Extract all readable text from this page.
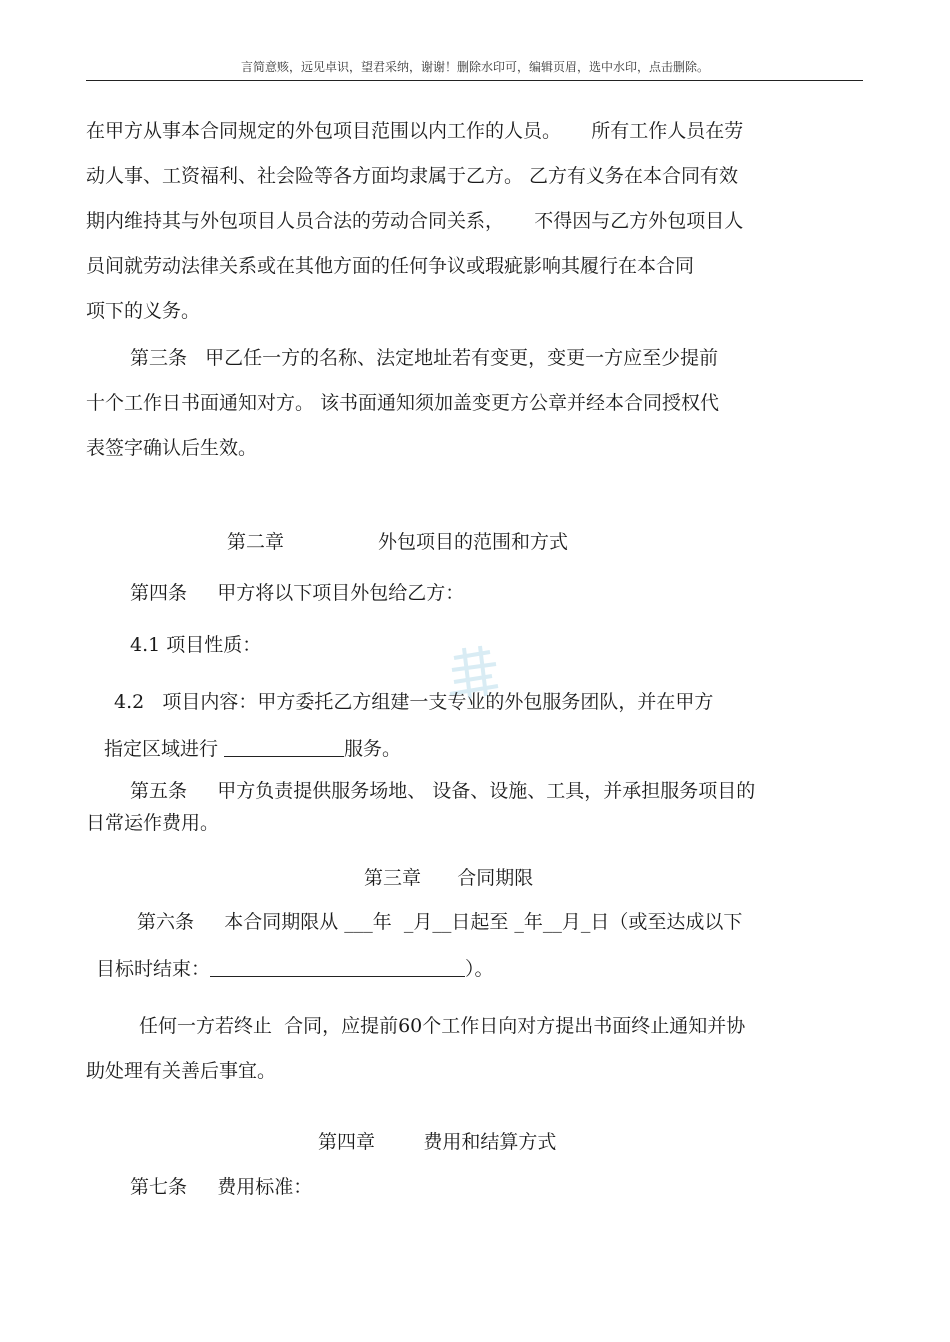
言简意赅，远见卓识，望君采纳，谢谢！删除水印可，编辑页眉，选中水印，点击删除。
在甲方从事本合同规定的外包项目范围以内工作的人员。     所有工作人员在劳
动人事、工资福利、社会险等各方面均隶属于乙方。 乙方有义务在本合同有效
期内维持其与外包项目人员合法的劳动合同关系，     不得因与乙方外包项目人
员间就劳动法律关系或在其他方面的任何争议或瑕疵影响其履行在本合同
项下的义务。
第三条   甲乙任一方的名称、法定地址若有变更，变更一方应至少提前
十个工作日书面通知对方。 该书面通知须加盖变更方公章并经本合同授权代
表签字确认后生效。
第二章	外包项目的范围和方式
第四条     甲方将以下项目外包给乙方：
4.1 项目性质：
4.2   项目内容：甲方委托乙方组建一支专业的外包服务团队，并在甲方
指定区域进行	服务。
第五条     甲方负责提供服务场地、 设备、设施、工具，并承担服务项目的
日常运作费用。
第三章      合同期限
第六条     本合同期限从 ___年  _月__日起至 _年__月_日（或至达成以下
目标时结束：	）。
任何一方若终止  合同，应提前60个工作日向对方提出书面终止通知并协
助处理有关善后事宜。
第四章        费用和结算方式
第七条     费用标准：
